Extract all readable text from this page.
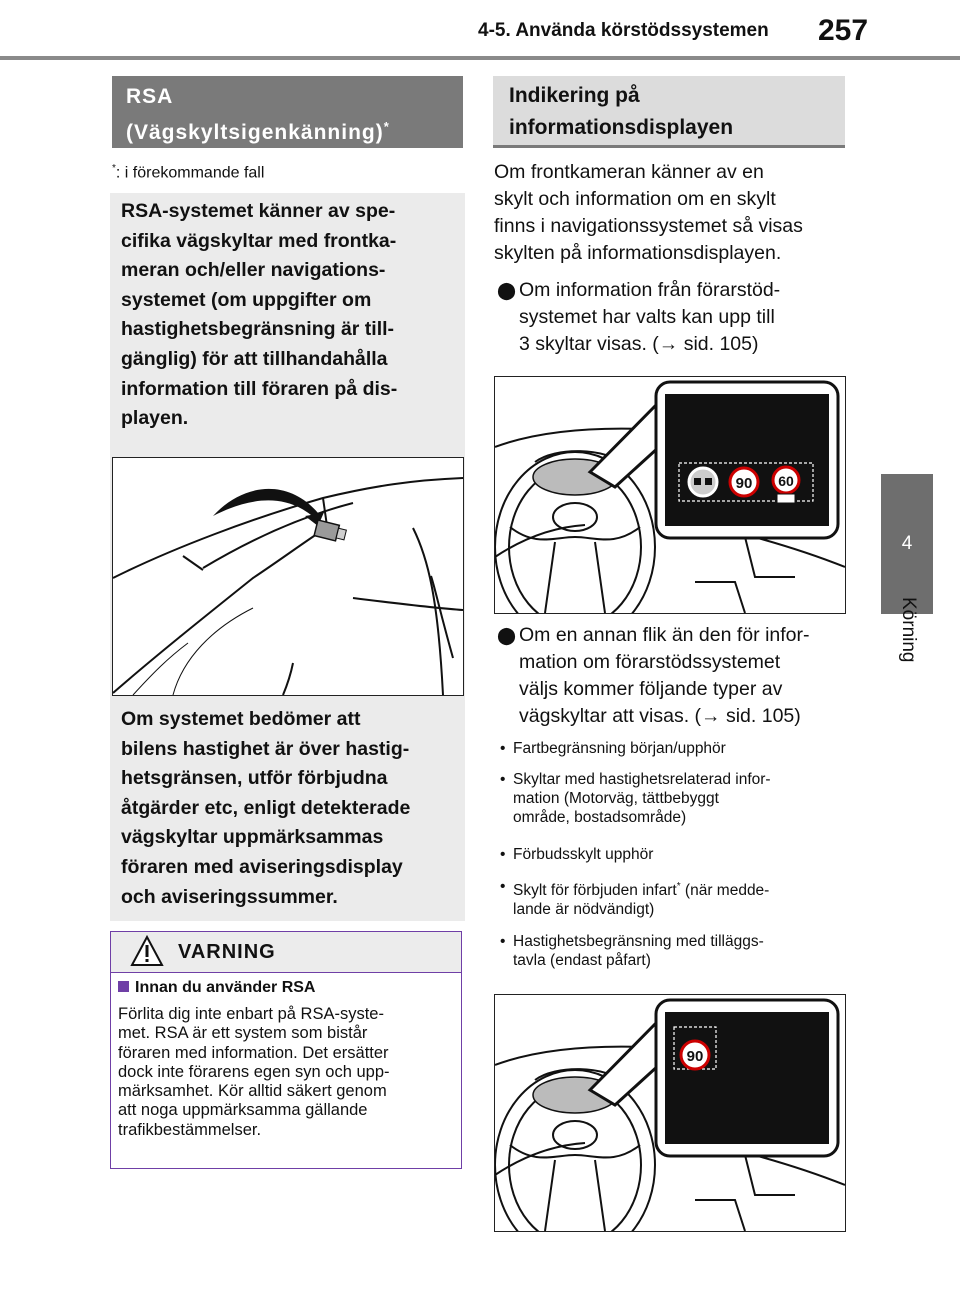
4-5. Använda körstödssystemen 257
4
Körning
RSA
(Vägskyltsigenkänning)*
*: i förekommande fall
RSA-systemet känner av spe-
cifika vägskyltar med frontka-
meran och/eller navigations-
systemet (om uppgifter om
hastighetsbegränsning är till-
gänglig) för att tillhandahålla
information till föraren på dis-
playen.
Om systemet bedömer att
bilens hastighet är över hastig-
hetsgränsen, utför förbjudna
åtgärder etc, enligt detekterade
vägskyltar uppmärksammas
föraren med aviseringsdisplay
och aviseringssummer.
VARNING
Innan du använder RSA
Förlita dig inte enbart på RSA-syste-
met. RSA är ett system som bistår
föraren med information. Det ersätter
dock inte förarens egen syn och upp-
märksamhet. Kör alltid säkert genom
att noga uppmärksamma gällande
trafikbestämmelser.
Indikering på
informationsdisplayen
Om frontkameran känner av en
skylt och information om en skylt
finns i navigationssystemet så visas
skylten på informationsdisplayen.
⬤ Om information från förarstöd-
systemet har valts kan upp till
3 skyltar visas. (→ sid. 105)
90 60
⬤ Om en annan flik än den för infor-
mation om förarstödssystemet
väljs kommer följande typer av
vägskyltar att visas. (→ sid. 105)
• Fartbegränsning början/upphör
• Skyltar med hastighetsrelaterad infor-
mation (Motorväg, tättbebyggt
område, bostadsområde)
• Förbudsskylt upphör
• Skylt för förbjuden infart* (när medde-
lande är nödvändigt)
• Hastighetsbegränsning med tilläggs-
tavla (endast påfart)
90
